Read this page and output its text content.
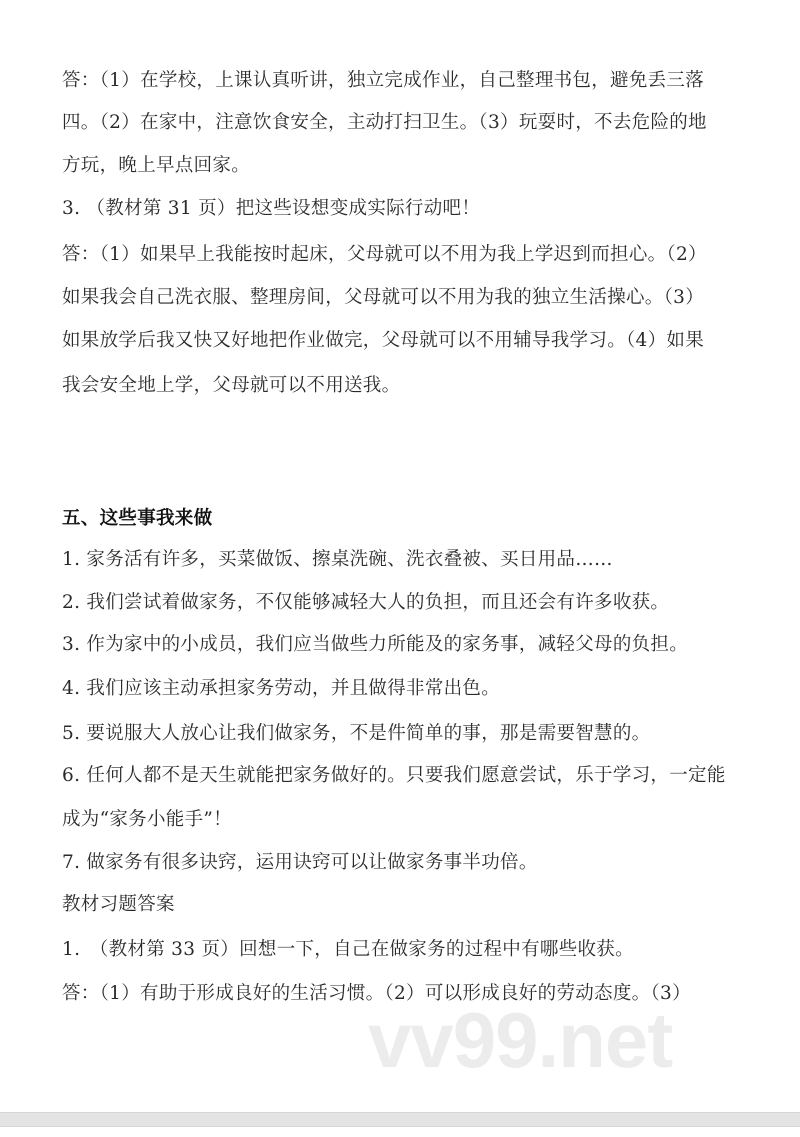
vv99.net
答：（1）在学校，上课认真听讲，独立完成作业，自己整理书包，避免丢三落
四。（2）在家中，注意饮食安全，主动打扫卫生。（3）玩耍时，不去危险的地
方玩，晚上早点回家。
3. （教材第 31 页）把这些设想变成实际行动吧！
答：（1）如果早上我能按时起床，父母就可以不用为我上学迟到而担心。（2）
如果我会自己洗衣服、整理房间，父母就可以不用为我的独立生活操心。（3）
如果放学后我又快又好地把作业做完，父母就可以不用辅导我学习。（4）如果
我会安全地上学，父母就可以不用送我。
五、这些事我来做
1. 家务活有许多，买菜做饭、擦桌洗碗、洗衣叠被、买日用品……
2. 我们尝试着做家务，不仅能够减轻大人的负担，而且还会有许多收获。
3. 作为家中的小成员，我们应当做些力所能及的家务事，减轻父母的负担。
4. 我们应该主动承担家务劳动，并且做得非常出色。
5. 要说服大人放心让我们做家务，不是件简单的事，那是需要智慧的。
6. 任何人都不是天生就能把家务做好的。只要我们愿意尝试，乐于学习，一定能
成为“家务小能手”！
7. 做家务有很多诀窍，运用诀窍可以让做家务事半功倍。
教材习题答案
1.　（教材第 33 页）回想一下，自己在做家务的过程中有哪些收获。
答：（1）有助于形成良好的生活习惯。（2）可以形成良好的劳动态度。（3）
